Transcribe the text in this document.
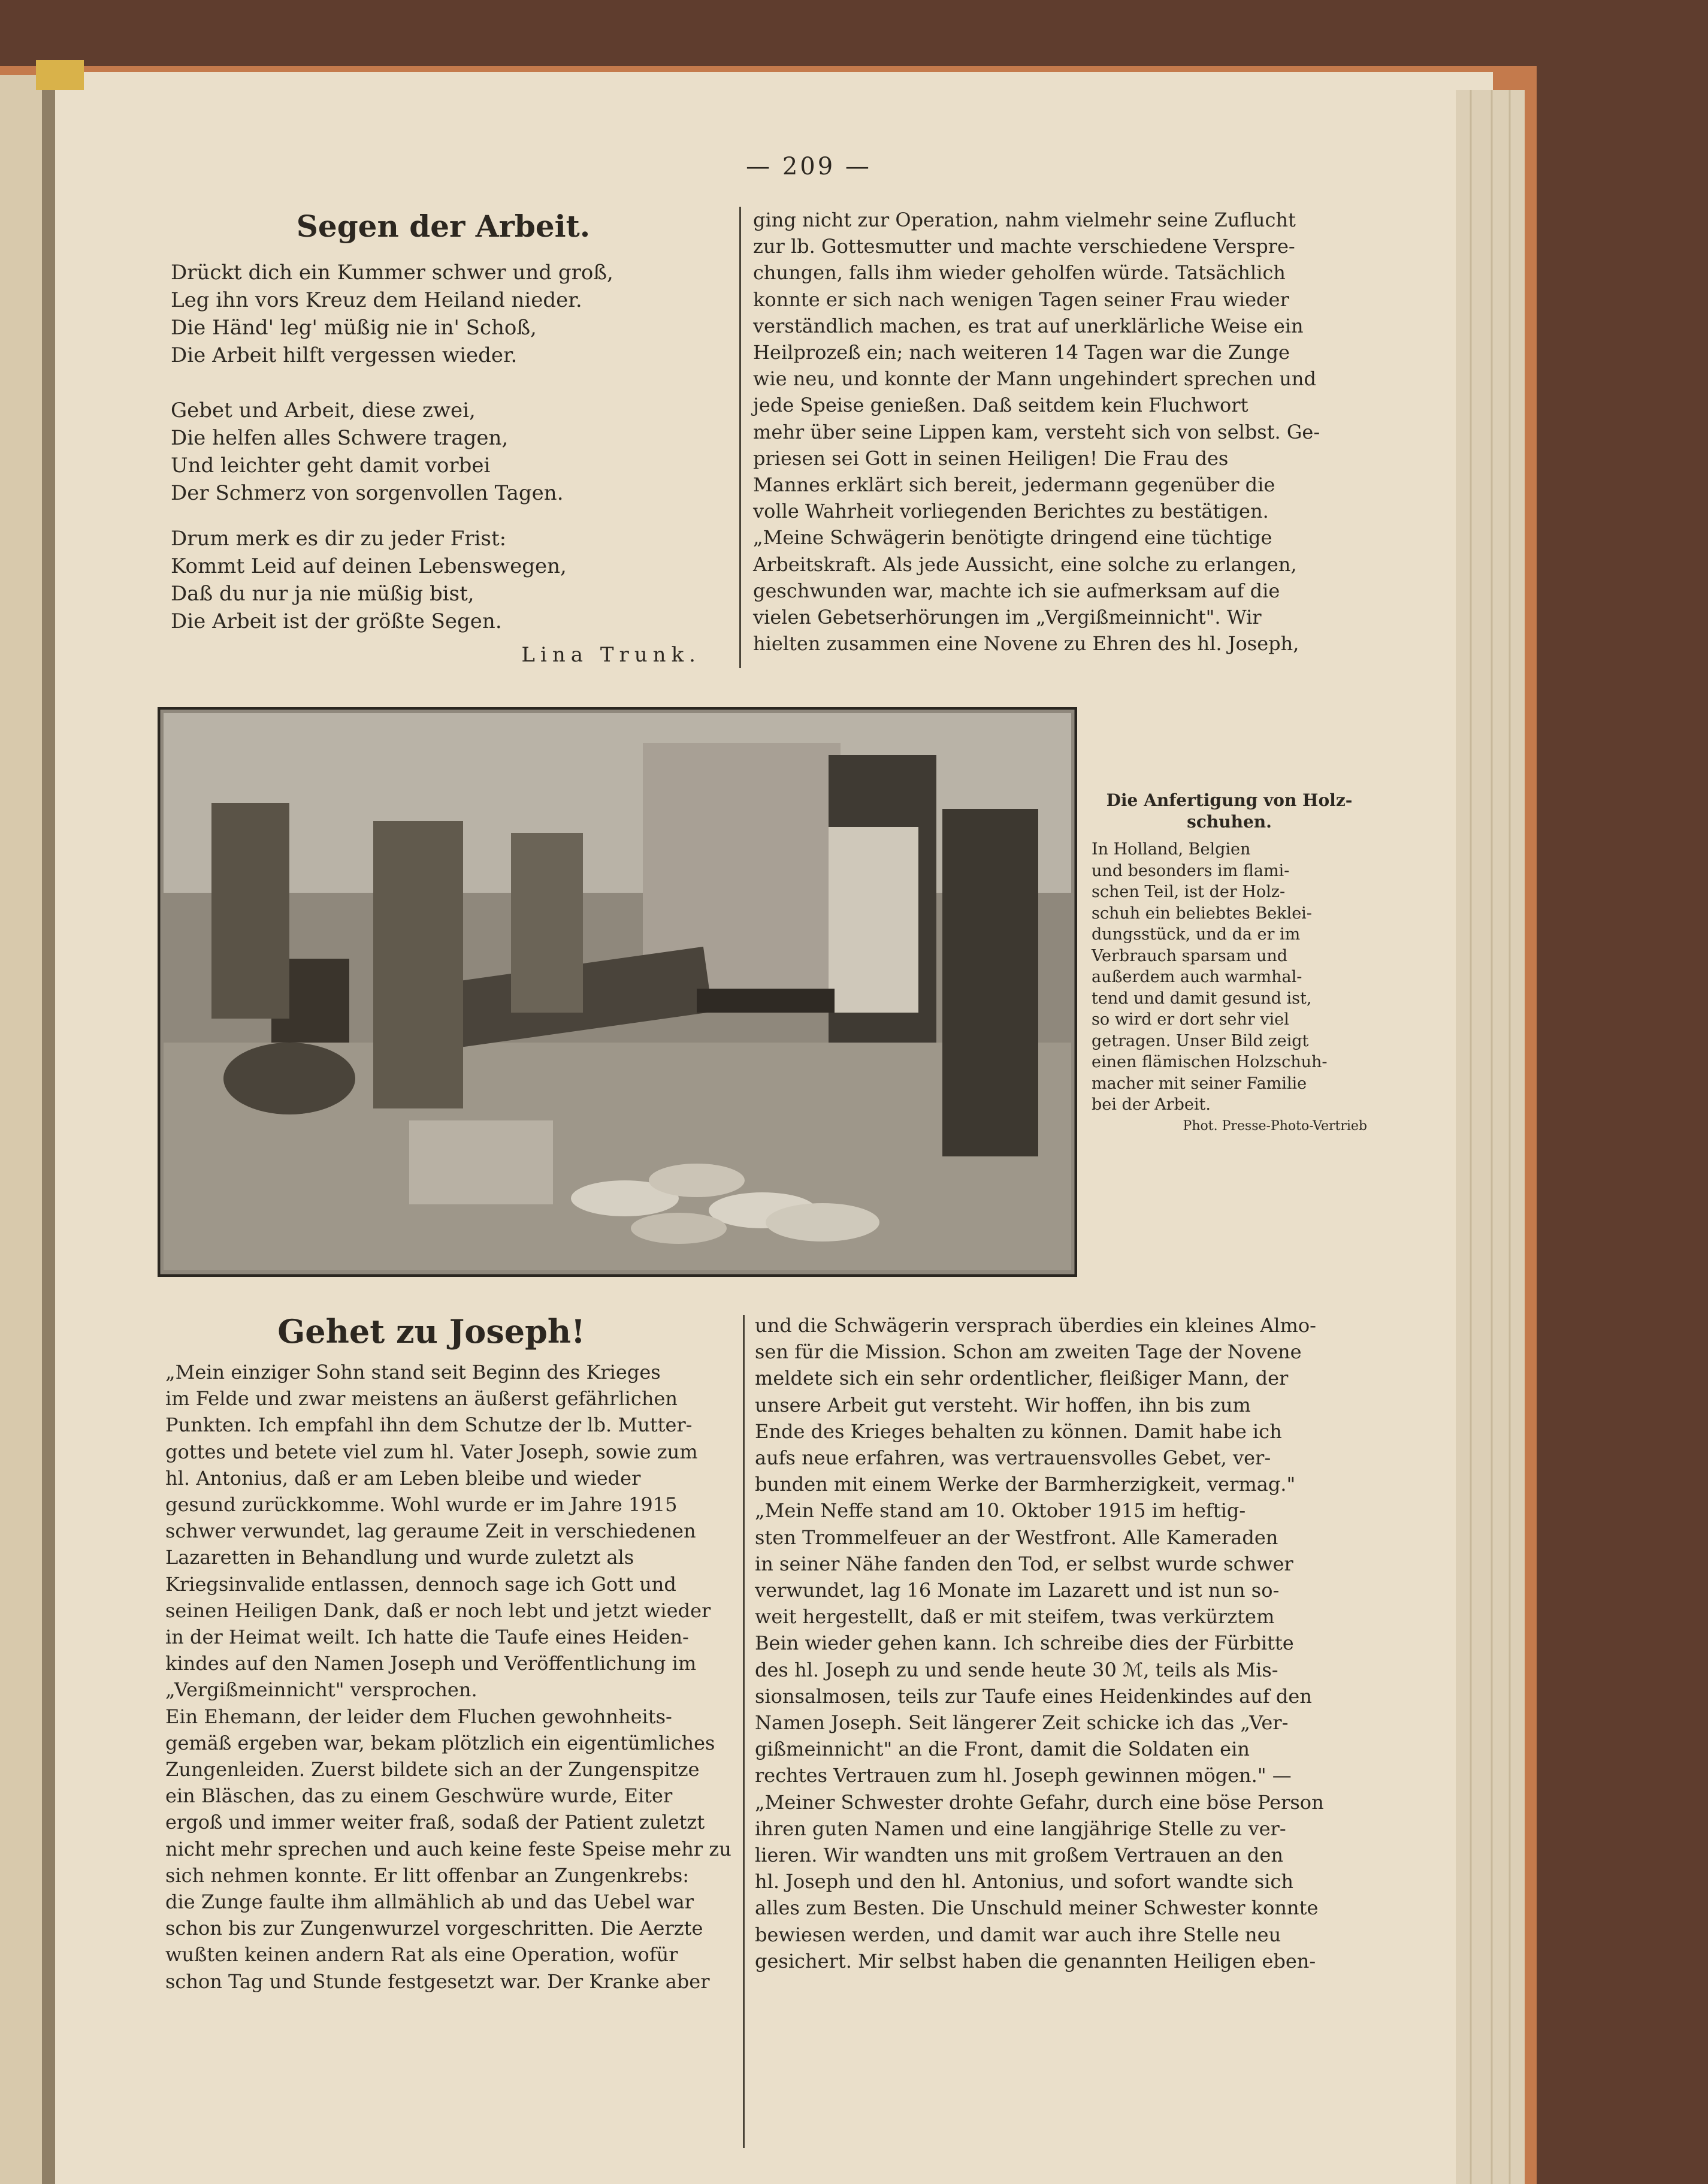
— 209 —
Segen der Arbeit.
Drückt dich ein Kummer schwer und groß,
Leg ihn vors Kreuz dem Heiland nieder.
Die Händ' leg' müßig nie in' Schoß,
Die Arbeit hilft vergessen wieder.
Gebet und Arbeit, diese zwei,
Die helfen alles Schwere tragen,
Und leichter geht damit vorbei
Der Schmerz von sorgenvollen Tagen.
Drum merk es dir zu jeder Frist:
Kommt Leid auf deinen Lebenswegen,
Daß du nur ja nie müßig bist,
Die Arbeit ist der größte Segen.
Lina Trunk.
ging nicht zur Operation, nahm vielmehr seine Zuflucht
zur lb. Gottesmutter und machte verschiedene Verspre-
chungen, falls ihm wieder geholfen würde. Tatsächlich
konnte er sich nach wenigen Tagen seiner Frau wieder
verständlich machen, es trat auf unerklärliche Weise ein
Heilprozeß ein; nach weiteren 14 Tagen war die Zunge
wie neu, und konnte der Mann ungehindert sprechen und
jede Speise genießen. Daß seitdem kein Fluchwort
mehr über seine Lippen kam, versteht sich von selbst. Ge-
priesen sei Gott in seinen Heiligen! Die Frau des
Mannes erklärt sich bereit, jedermann gegenüber die
volle Wahrheit vorliegenden Berichtes zu bestätigen.
„Meine Schwägerin benötigte dringend eine tüchtige
Arbeitskraft. Als jede Aussicht, eine solche zu erlangen,
geschwunden war, machte ich sie aufmerksam auf die
vielen Gebetserhörungen im „Vergißmeinnicht". Wir
hielten zusammen eine Novene zu Ehren des hl. Joseph,
Die Anfertigung von Holz-
schuhen.
In Holland, Belgien
und besonders im flami-
schen Teil, ist der Holz-
schuh ein beliebtes Beklei-
dungsstück, und da er im
Verbrauch sparsam und
außerdem auch warmhal-
tend und damit gesund ist,
so wird er dort sehr viel
getragen. Unser Bild zeigt
einen flämischen Holzschuh-
macher mit seiner Familie
bei der Arbeit.
Phot. Presse-Photo-Vertrieb
Gehet zu Joseph!
„Mein einziger Sohn stand seit Beginn des Krieges
im Felde und zwar meistens an äußerst gefährlichen
Punkten. Ich empfahl ihn dem Schutze der lb. Mutter-
gottes und betete viel zum hl. Vater Joseph, sowie zum
hl. Antonius, daß er am Leben bleibe und wieder
gesund zurückkomme. Wohl wurde er im Jahre 1915
schwer verwundet, lag geraume Zeit in verschiedenen
Lazaretten in Behandlung und wurde zuletzt als
Kriegsinvalide entlassen, dennoch sage ich Gott und
seinen Heiligen Dank, daß er noch lebt und jetzt wieder
in der Heimat weilt. Ich hatte die Taufe eines Heiden-
kindes auf den Namen Joseph und Veröffentlichung im
„Vergißmeinnicht" versprochen.
Ein Ehemann, der leider dem Fluchen gewohnheits-
gemäß ergeben war, bekam plötzlich ein eigentümliches
Zungenleiden. Zuerst bildete sich an der Zungenspitze
ein Bläschen, das zu einem Geschwüre wurde, Eiter
ergoß und immer weiter fraß, sodaß der Patient zuletzt
nicht mehr sprechen und auch keine feste Speise mehr zu
sich nehmen konnte. Er litt offenbar an Zungenkrebs:
die Zunge faulte ihm allmählich ab und das Uebel war
schon bis zur Zungenwurzel vorgeschritten. Die Aerzte
wußten keinen andern Rat als eine Operation, wofür
schon Tag und Stunde festgesetzt war. Der Kranke aber
und die Schwägerin versprach überdies ein kleines Almo-
sen für die Mission. Schon am zweiten Tage der Novene
meldete sich ein sehr ordentlicher, fleißiger Mann, der
unsere Arbeit gut versteht. Wir hoffen, ihn bis zum
Ende des Krieges behalten zu können. Damit habe ich
aufs neue erfahren, was vertrauensvolles Gebet, ver-
bunden mit einem Werke der Barmherzigkeit, vermag."
„Mein Neffe stand am 10. Oktober 1915 im heftig-
sten Trommelfeuer an der Westfront. Alle Kameraden
in seiner Nähe fanden den Tod, er selbst wurde schwer
verwundet, lag 16 Monate im Lazarett und ist nun so-
weit hergestellt, daß er mit steifem, twas verkürztem
Bein wieder gehen kann. Ich schreibe dies der Fürbitte
des hl. Joseph zu und sende heute 30 ℳ, teils als Mis-
sionsalmosen, teils zur Taufe eines Heidenkindes auf den
Namen Joseph. Seit längerer Zeit schicke ich das „Ver-
gißmeinnicht" an die Front, damit die Soldaten ein
rechtes Vertrauen zum hl. Joseph gewinnen mögen." —
„Meiner Schwester drohte Gefahr, durch eine böse Person
ihren guten Namen und eine langjährige Stelle zu ver-
lieren. Wir wandten uns mit großem Vertrauen an den
hl. Joseph und den hl. Antonius, und sofort wandte sich
alles zum Besten. Die Unschuld meiner Schwester konnte
bewiesen werden, und damit war auch ihre Stelle neu
gesichert. Mir selbst haben die genannten Heiligen eben-
